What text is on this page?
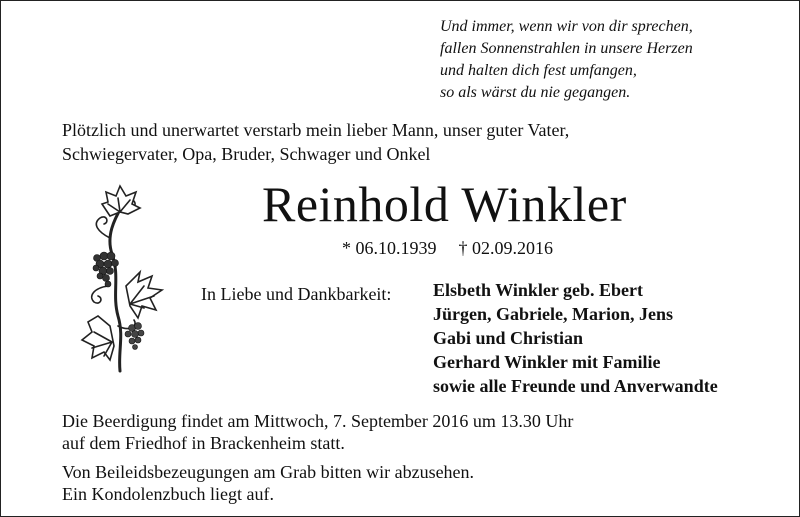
Und immer, wenn wir von dir sprechen,
fallen Sonnenstrahlen in unsere Herzen
und halten dich fest umfangen,
so als wärst du nie gegangen.
Plötzlich und unerwartet verstarb mein lieber Mann, unser guter Vater,
Schwiegervater, Opa, Bruder, Schwager und Onkel
Reinhold Winkler
* 06.10.1939 † 02.09.2016
In Liebe und Dankbarkeit: Elsbeth Winkler geb. Ebert
Jürgen, Gabriele, Marion, Jens
Gabi und Christian
Gerhard Winkler mit Familie
sowie alle Freunde und Anverwandte
Die Beerdigung findet am Mittwoch, 7. September 2016 um 13.30 Uhr
auf dem Friedhof in Brackenheim statt.
Von Beileidsbezeugungen am Grab bitten wir abzusehen.
Ein Kondolenzbuch liegt auf.
